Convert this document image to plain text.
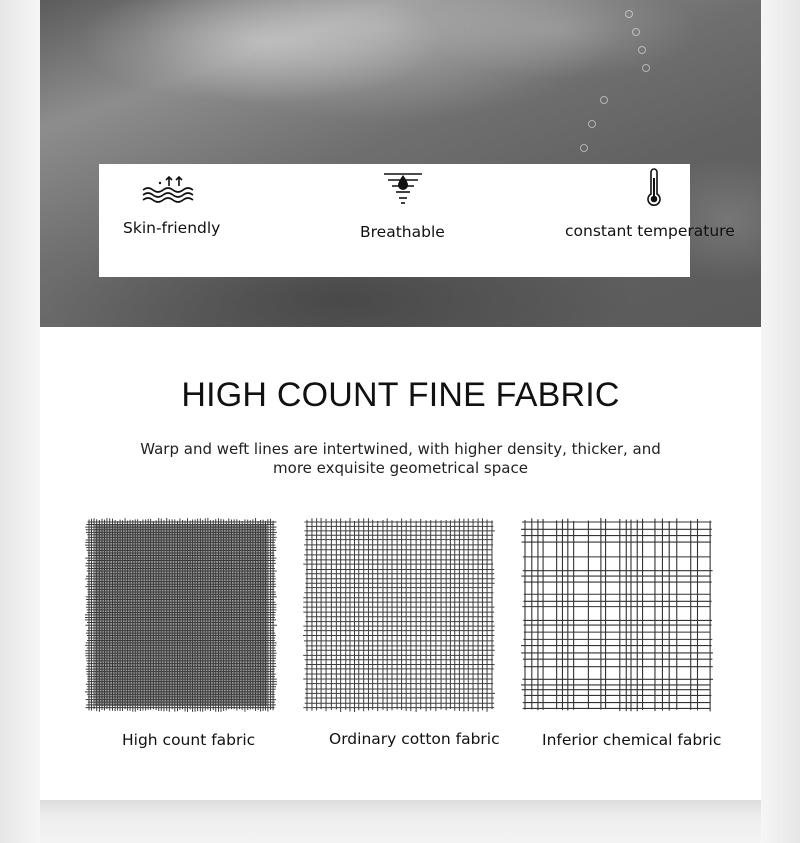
Skin-friendly	Breathable	constant temperature
HIGH COUNT FINE FABRIC
Warp and weft lines are intertwined, with higher density, thicker, and
more exquisite geometrical space
High count fabric	Ordinary cotton fabric	Inferior chemical fabric
